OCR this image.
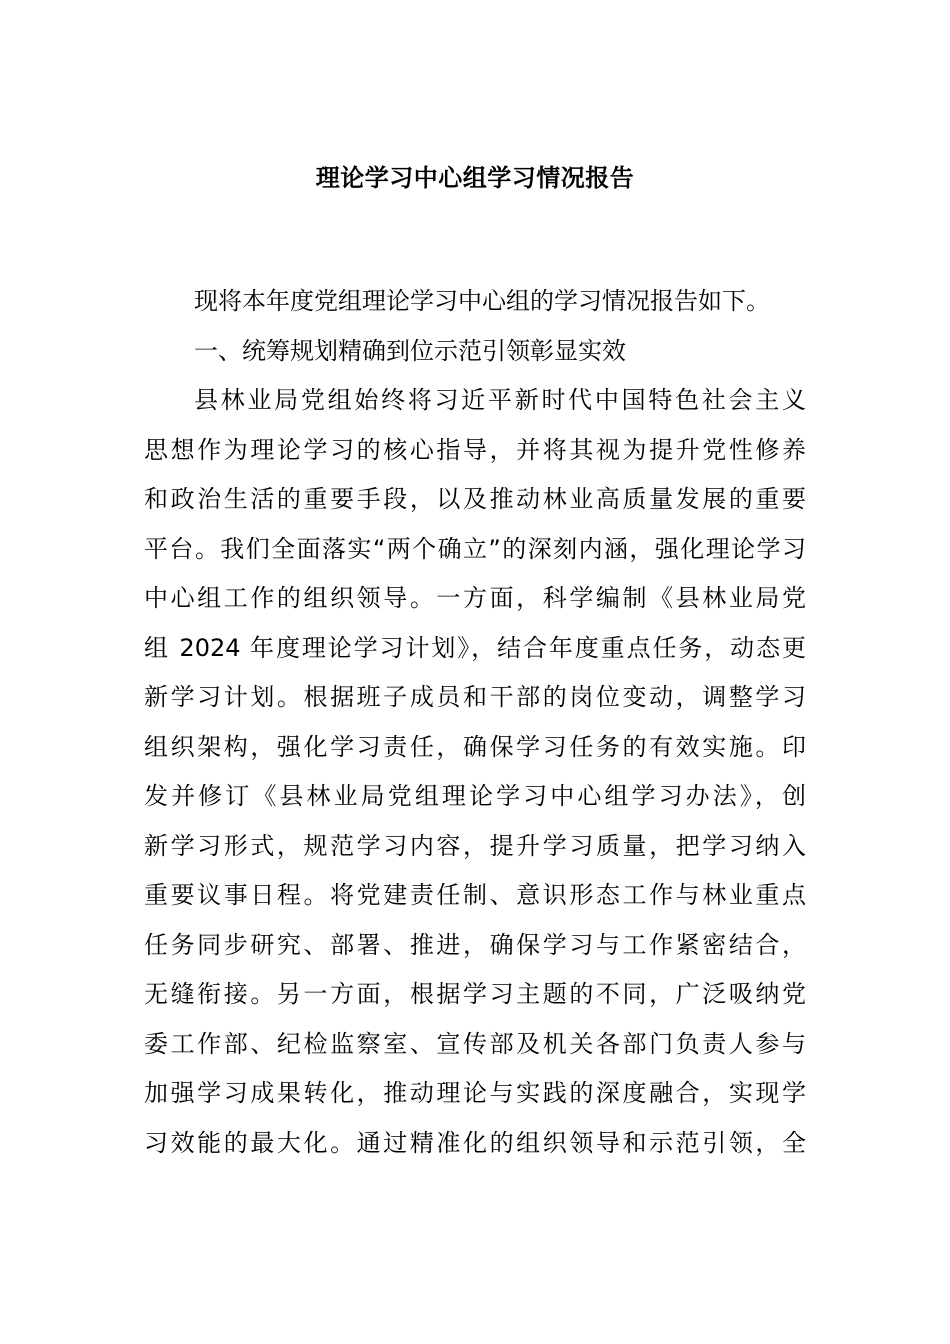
理论学习中心组学习情况报告
现将本年度党组理论学习中心组的学习情况报告如下。
一、统筹规划精确到位示范引领彰显实效
县林业局党组始终将习近平新时代中国特色社会主义
思想作为理论学习的核心指导，并将其视为提升党性修养
和政治生活的重要手段，以及推动林业高质量发展的重要
平台。我们全面落实“两个确立”的深刻内涵，强化理论学习
中心组工作的组织领导。一方面，科学编制《县林业局党
组 2024 年度理论学习计划》，结合年度重点任务，动态更
新学习计划。根据班子成员和干部的岗位变动，调整学习
组织架构，强化学习责任，确保学习任务的有效实施。印
发并修订《县林业局党组理论学习中心组学习办法》，创
新学习形式，规范学习内容，提升学习质量，把学习纳入
重要议事日程。将党建责任制、意识形态工作与林业重点
任务同步研究、部署、推进，确保学习与工作紧密结合，
无缝衔接。另一方面，根据学习主题的不同，广泛吸纳党
委工作部、纪检监察室、宣传部及机关各部门负责人参与
加强学习成果转化，推动理论与实践的深度融合，实现学
习效能的最大化。通过精准化的组织领导和示范引领，全
